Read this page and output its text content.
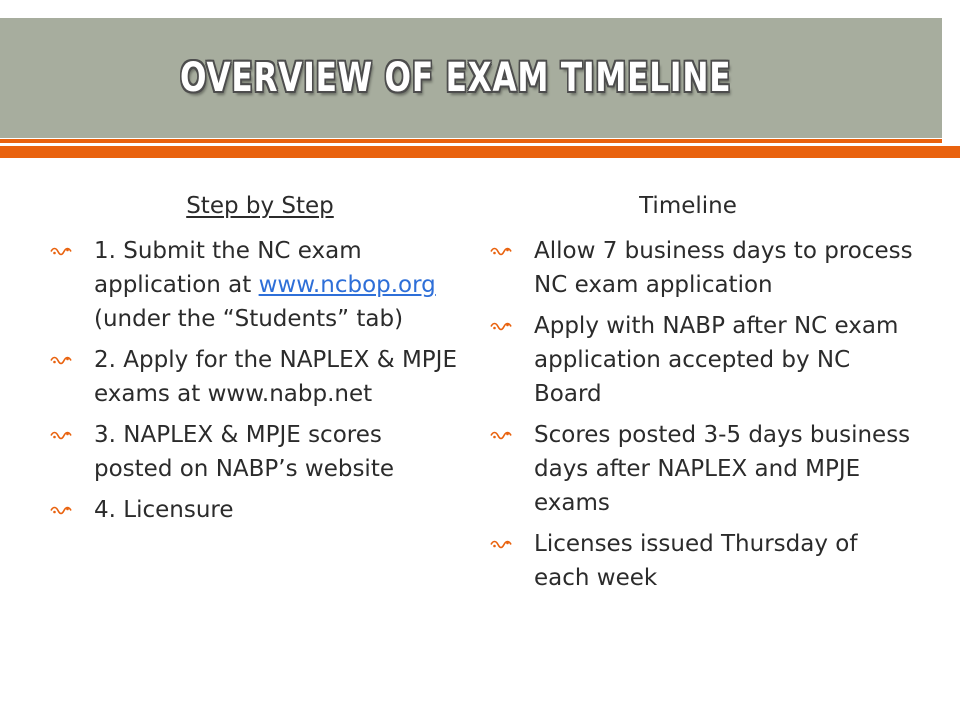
OVERVIEW OF EXAM TIMELINE
Step by Step
1. Submit the NC exam application at www.ncbop.org (under the “Students” tab)
2. Apply for the NAPLEX & MPJE exams at www.nabp.net
3. NAPLEX & MPJE scores posted on NABP’s website
4. Licensure
Timeline
Allow 7 business days to process NC exam application
Apply with NABP after NC exam application accepted by NC Board
Scores posted 3-5 days business days after NAPLEX and MPJE exams
Licenses issued Thursday of each week
